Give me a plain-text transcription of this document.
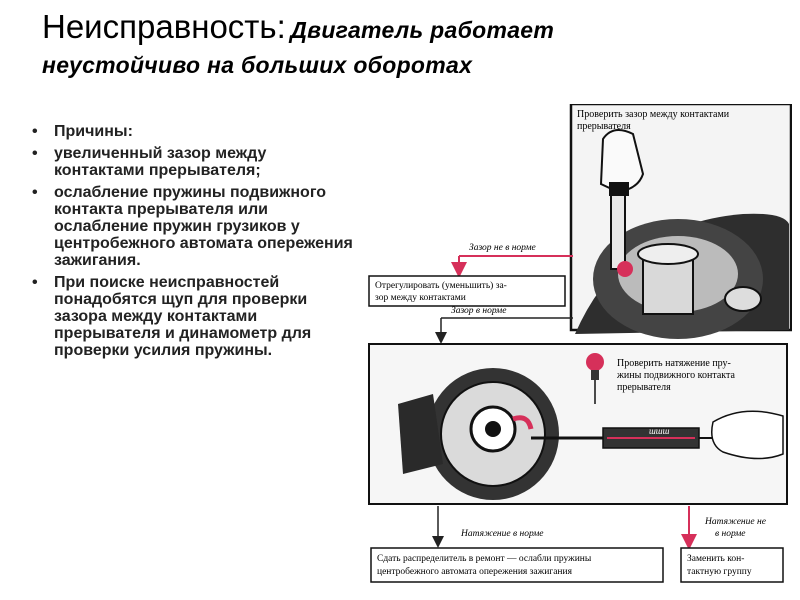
Неисправность: Двигатель работает
неустойчиво на больших оборотах
• Причины:
• увеличенный зазор между контактами прерывателя;
• ослабление пружины подвижного контакта прерывателя или ослабление пружин грузиков у центробежного автомата опережения зажигания.
• При поиске неисправностей понадобятся щуп для проверки зазора между контактами прерывателя и динамометр для проверки усилия пружины.
Проверить зазор между контактами
прерывателя
Зазор не в норме
Отрегулировать (уменьшить) за-
зор между контактами
Зазор в норме
шшш
Проверить натяжение пру-
жины подвижного контакта
прерывателя
Натяжение в норме
Натяжение не
в норме
Сдать распределитель в ремонт — ослабли пружины
центробежного автомата опережения зажигания
Заменить кон-
тактную группу
